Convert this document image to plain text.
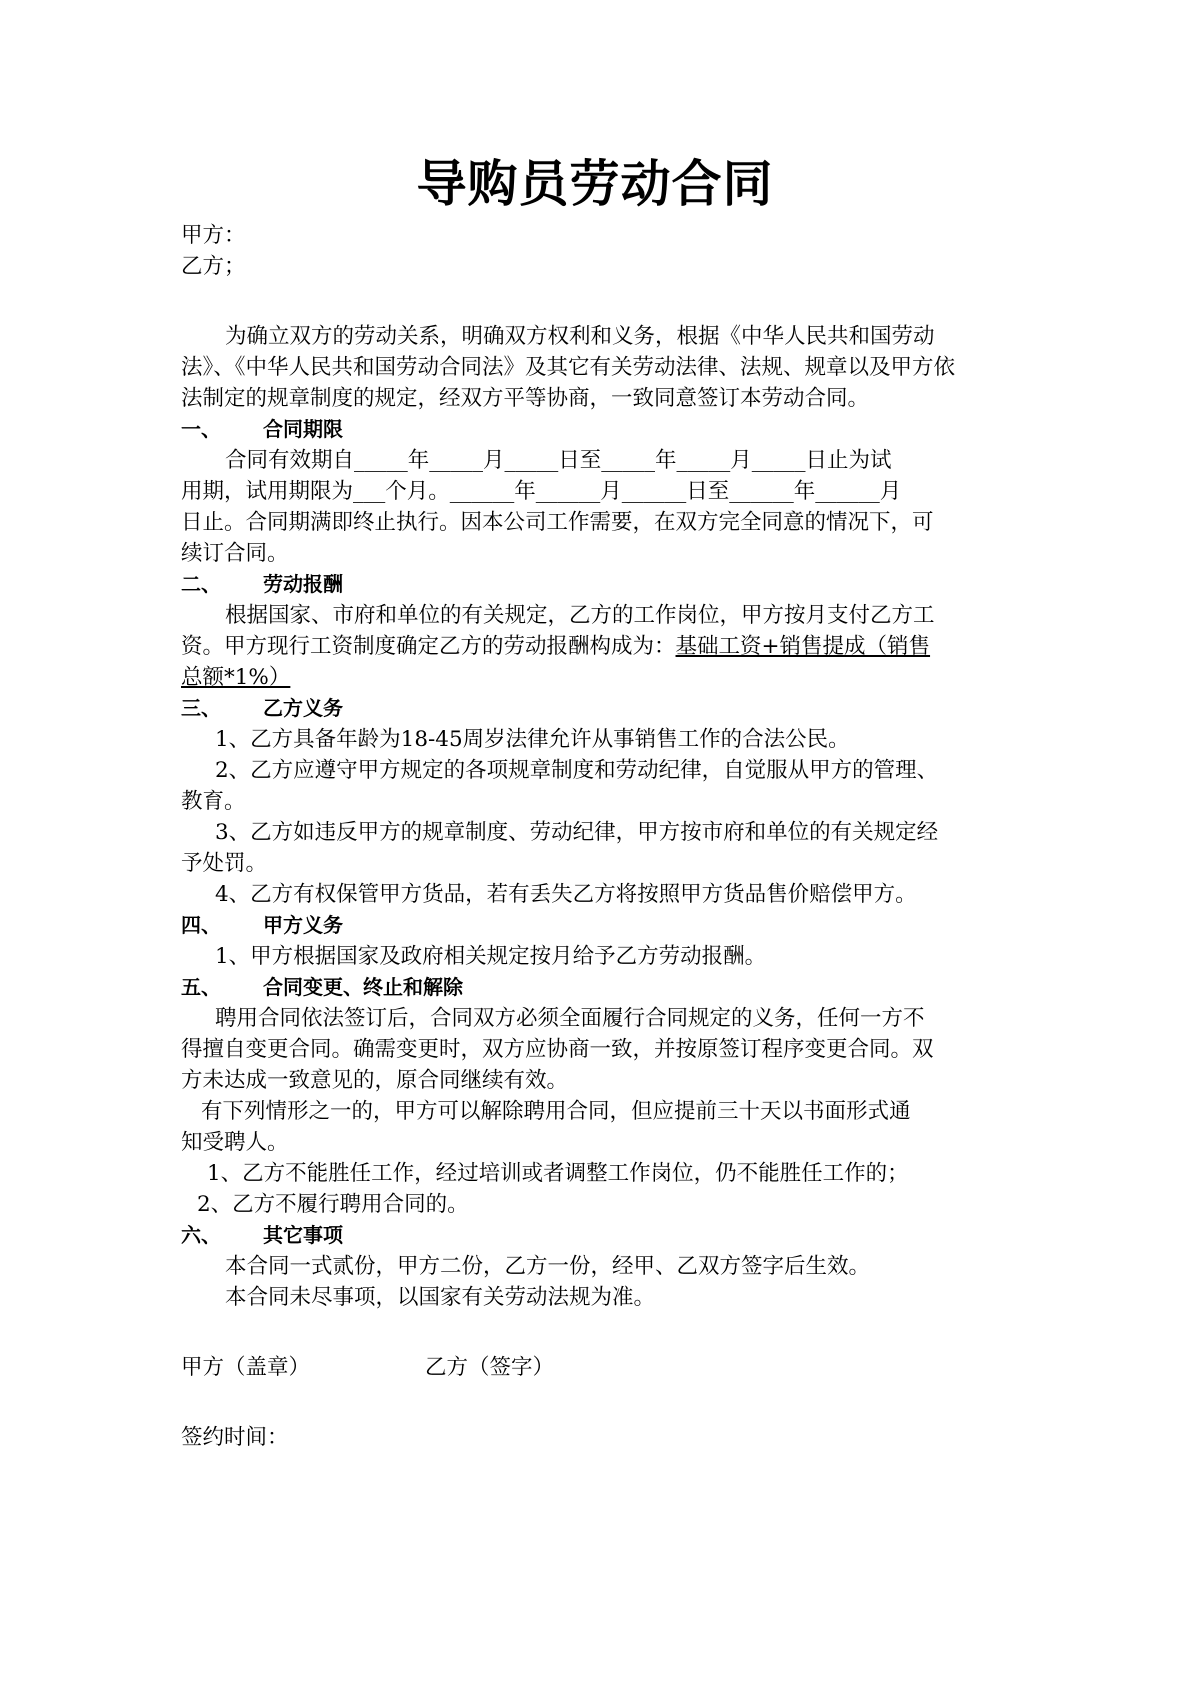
导购员劳动合同
甲方：
乙方；
为确立双方的劳动关系，明确双方权利和义务，根据《中华人民共和国劳动
法》、《中华人民共和国劳动合同法》及其它有关劳动法律、法规、规章以及甲方依
法制定的规章制度的规定，经双方平等协商，一致同意签订本劳动合同。
一、 合同期限
合同有效期自_____年_____月_____日至_____年_____月_____日止为试
用期，试用期限为___个月。______年______月______日至______年______月
日止。合同期满即终止执行。因本公司工作需要，在双方完全同意的情况下，可
续订合同。
二、 劳动报酬
根据国家、市府和单位的有关规定，乙方的工作岗位，甲方按月支付乙方工
资。甲方现行工资制度确定乙方的劳动报酬构成为：基础工资+销售提成（销售
总额*1%）
三、 乙方义务
1、乙方具备年龄为18-45周岁法律允许从事销售工作的合法公民。
2、乙方应遵守甲方规定的各项规章制度和劳动纪律，自觉服从甲方的管理、
教育。
3、乙方如违反甲方的规章制度、劳动纪律，甲方按市府和单位的有关规定经
予处罚。
4、乙方有权保管甲方货品，若有丢失乙方将按照甲方货品售价赔偿甲方。
四、 甲方义务
1、甲方根据国家及政府相关规定按月给予乙方劳动报酬。
五、 合同变更、终止和解除
聘用合同依法签订后，合同双方必须全面履行合同规定的义务，任何一方不
得擅自变更合同。确需变更时，双方应协商一致，并按原签订程序变更合同。双
方未达成一致意见的，原合同继续有效。
有下列情形之一的，甲方可以解除聘用合同，但应提前三十天以书面形式通
知受聘人。
1、乙方不能胜任工作，经过培训或者调整工作岗位，仍不能胜任工作的；
2、乙方不履行聘用合同的。
六、 其它事项
本合同一式贰份，甲方二份，乙方一份，经甲、乙双方签字后生效。
本合同未尽事项，以国家有关劳动法规为准。
甲方（盖章）	乙方（签字）
签约时间：
